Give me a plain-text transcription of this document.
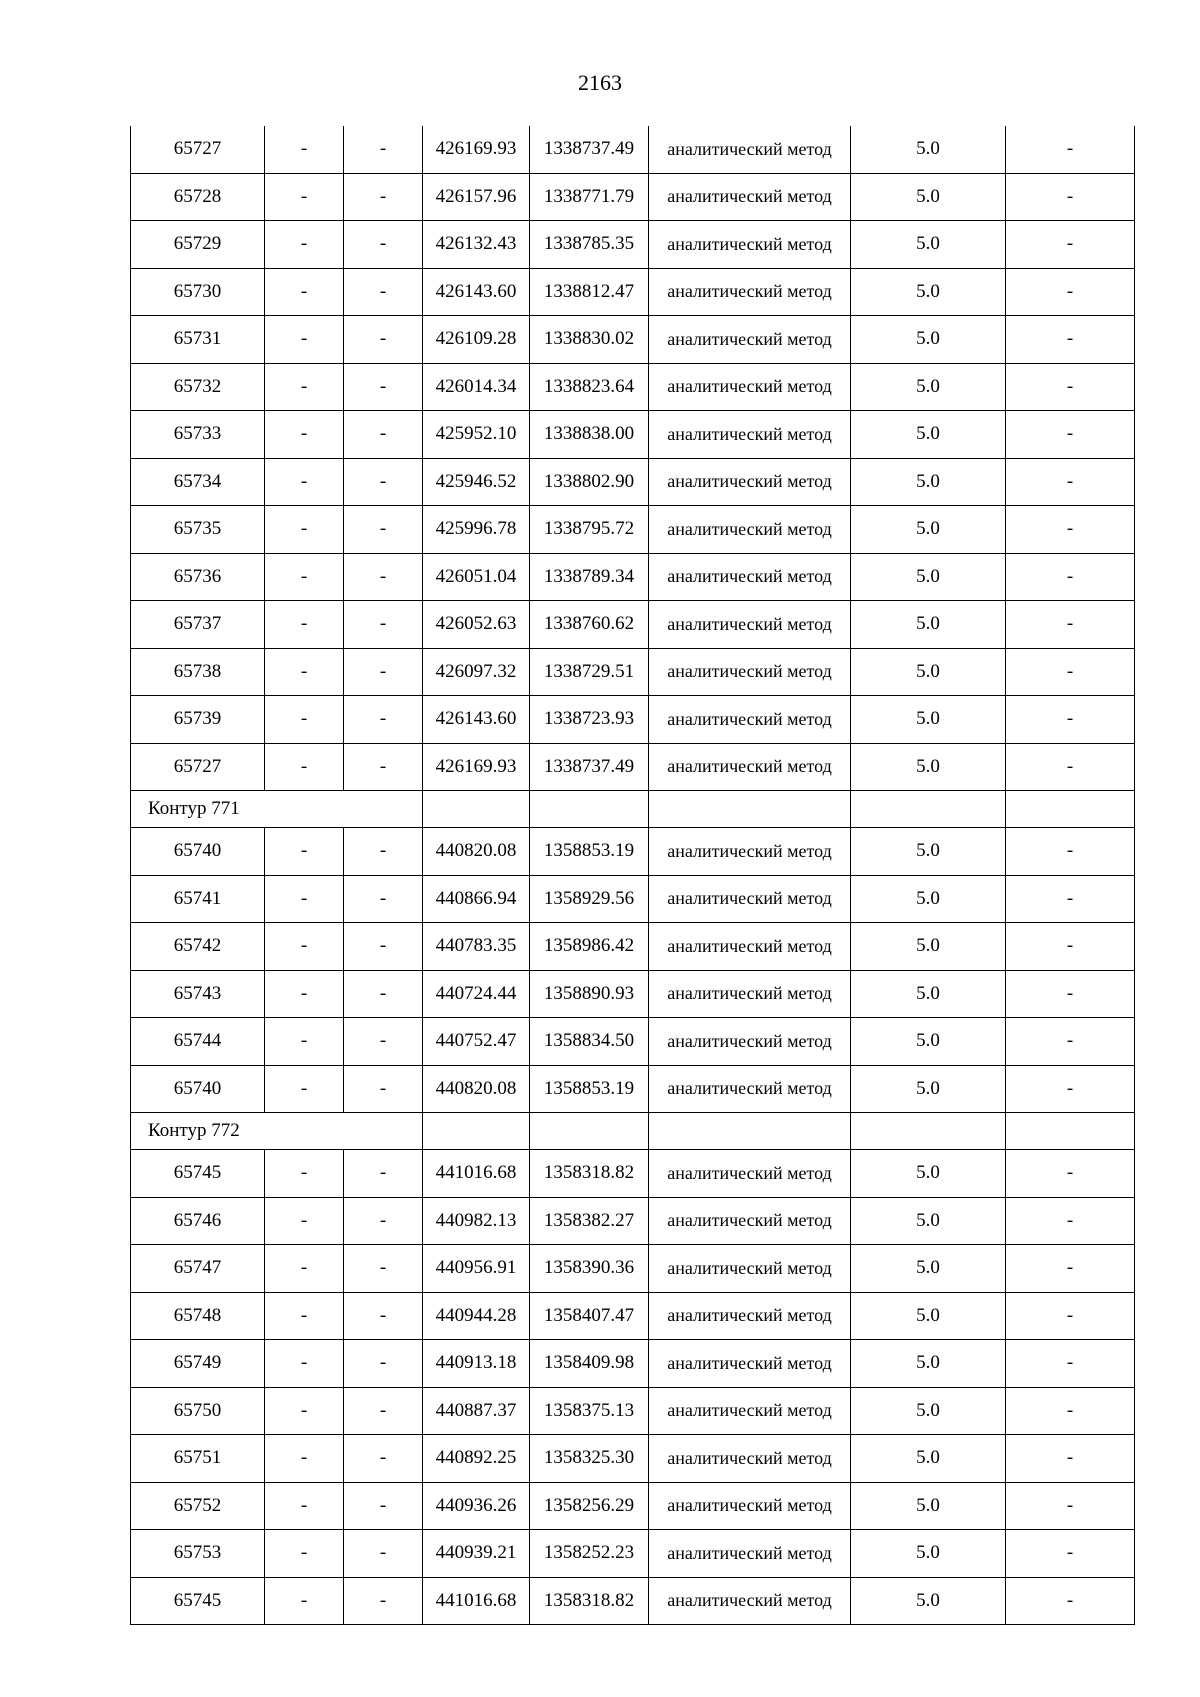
2163
65727	-	-	426169.93	1338737.49	аналитический метод	5.0	-
65728	-	-	426157.96	1338771.79	аналитический метод	5.0	-
65729	-	-	426132.43	1338785.35	аналитический метод	5.0	-
65730	-	-	426143.60	1338812.47	аналитический метод	5.0	-
65731	-	-	426109.28	1338830.02	аналитический метод	5.0	-
65732	-	-	426014.34	1338823.64	аналитический метод	5.0	-
65733	-	-	425952.10	1338838.00	аналитический метод	5.0	-
65734	-	-	425946.52	1338802.90	аналитический метод	5.0	-
65735	-	-	425996.78	1338795.72	аналитический метод	5.0	-
65736	-	-	426051.04	1338789.34	аналитический метод	5.0	-
65737	-	-	426052.63	1338760.62	аналитический метод	5.0	-
65738	-	-	426097.32	1338729.51	аналитический метод	5.0	-
65739	-	-	426143.60	1338723.93	аналитический метод	5.0	-
65727	-	-	426169.93	1338737.49	аналитический метод	5.0	-
Контур 771							
65740	-	-	440820.08	1358853.19	аналитический метод	5.0	-
65741	-	-	440866.94	1358929.56	аналитический метод	5.0	-
65742	-	-	440783.35	1358986.42	аналитический метод	5.0	-
65743	-	-	440724.44	1358890.93	аналитический метод	5.0	-
65744	-	-	440752.47	1358834.50	аналитический метод	5.0	-
65740	-	-	440820.08	1358853.19	аналитический метод	5.0	-
Контур 772							
65745	-	-	441016.68	1358318.82	аналитический метод	5.0	-
65746	-	-	440982.13	1358382.27	аналитический метод	5.0	-
65747	-	-	440956.91	1358390.36	аналитический метод	5.0	-
65748	-	-	440944.28	1358407.47	аналитический метод	5.0	-
65749	-	-	440913.18	1358409.98	аналитический метод	5.0	-
65750	-	-	440887.37	1358375.13	аналитический метод	5.0	-
65751	-	-	440892.25	1358325.30	аналитический метод	5.0	-
65752	-	-	440936.26	1358256.29	аналитический метод	5.0	-
65753	-	-	440939.21	1358252.23	аналитический метод	5.0	-
65745	-	-	441016.68	1358318.82	аналитический метод	5.0	-
